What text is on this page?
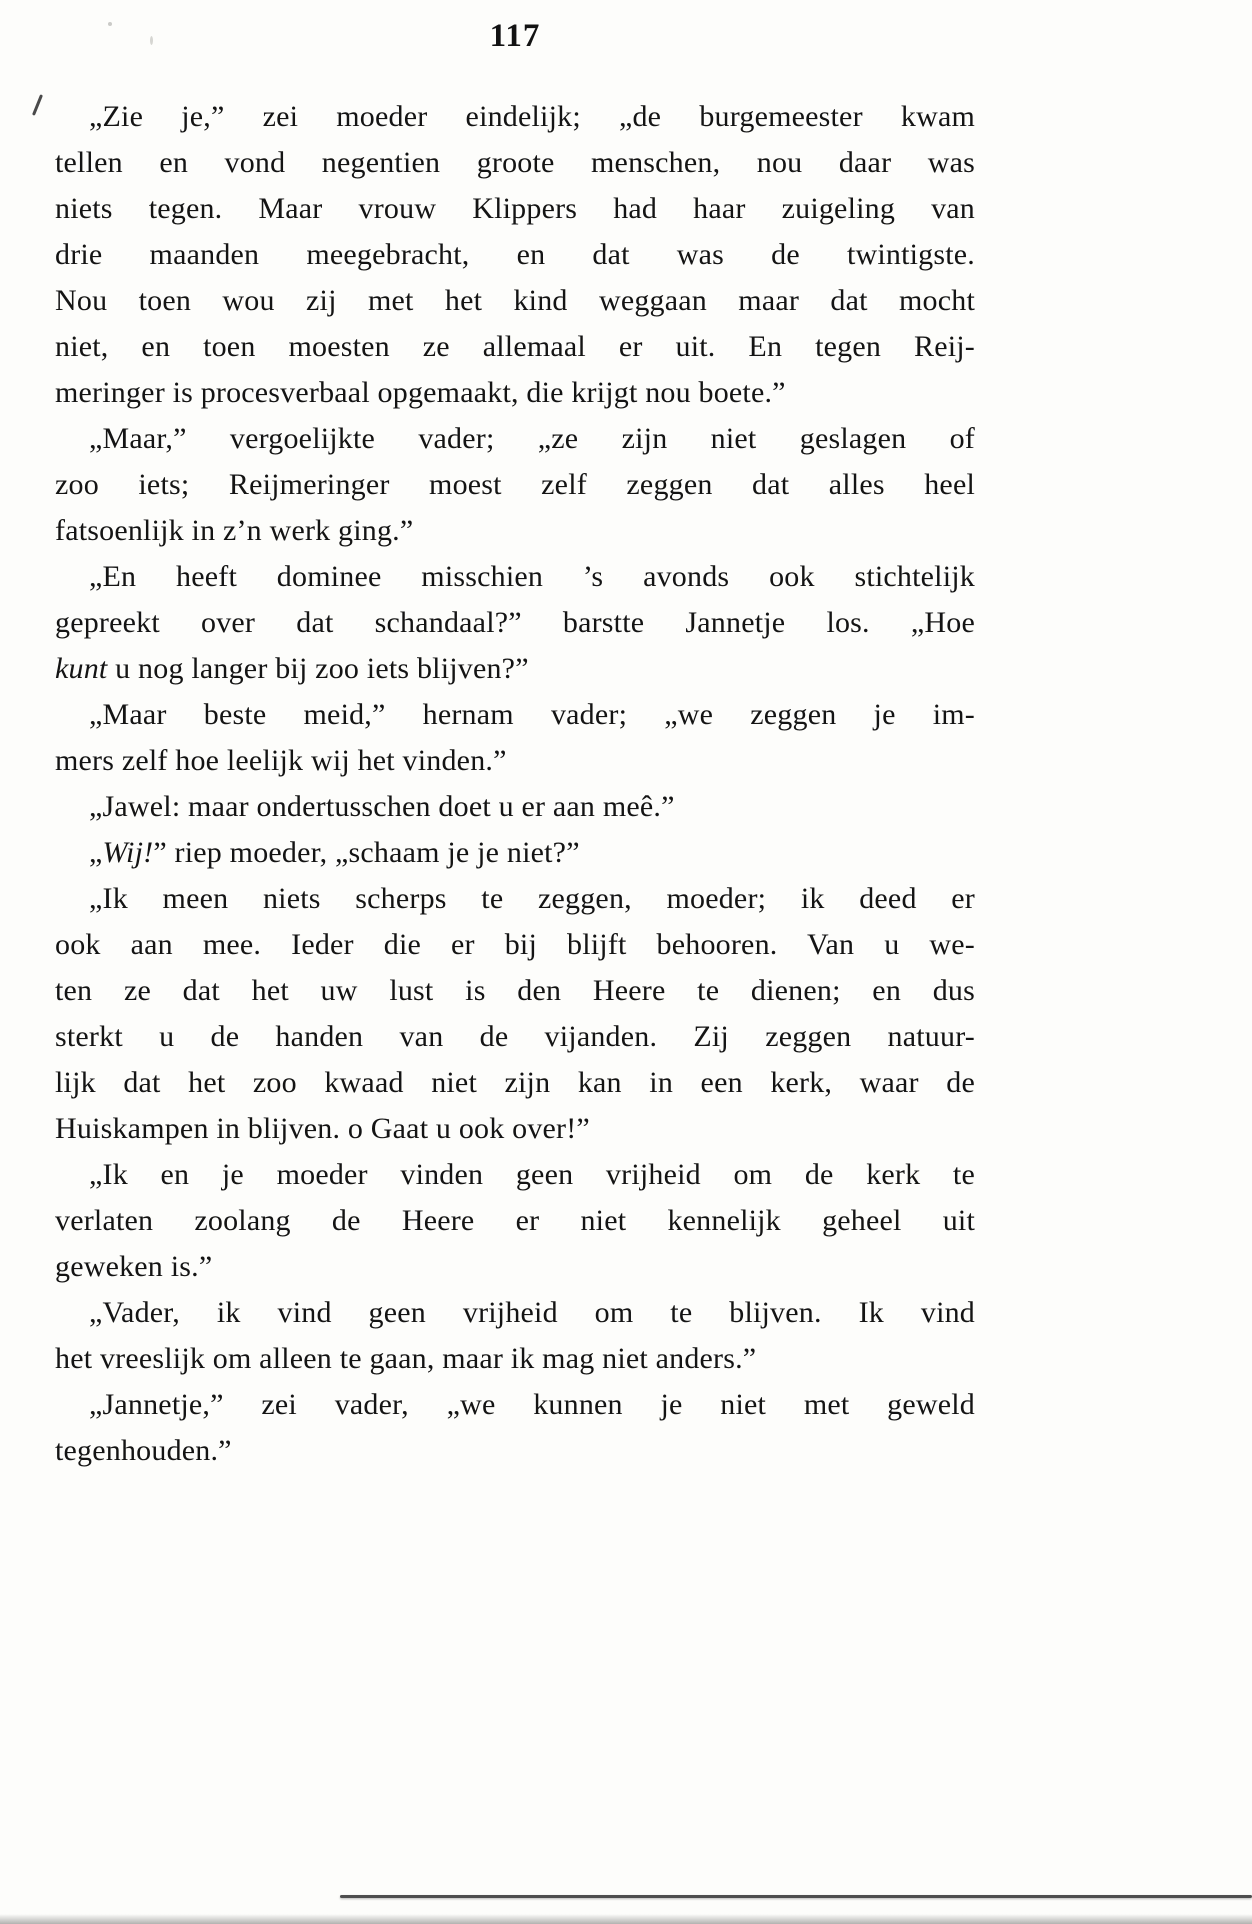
117

„Zie je,” zei moeder eindelijk; „de burgemeester kwam
tellen en vond negentien groote menschen, nou daar was
niets tegen. Maar vrouw Klippers had haar zuigeling van
drie maanden meegebracht, en dat was de twintigste.
Nou toen wou zij met het kind weggaan maar dat mocht
niet, en toen moesten ze allemaal er uit. En tegen Reij-
meringer is procesverbaal opgemaakt, die krijgt nou boete.”

„Maar,” vergoelijkte vader; „ze zijn niet geslagen of
zoo iets; Reijmeringer moest zelf zeggen dat alles heel
fatsoenlijk in z’n werk ging.”

„En heeft dominee misschien ’s avonds ook stichtelijk
gepreekt over dat schandaal?” barstte Jannetje los. „Hoe
kunt u nog langer bij zoo iets blijven?”

„Maar beste meid,” hernam vader; „we zeggen je im-
mers zelf hoe leelijk wij het vinden.”

„Jawel: maar ondertusschen doet u er aan meê.”

„Wij!” riep moeder, „schaam je je niet?”

„Ik meen niets scherps te zeggen, moeder; ik deed er
ook aan mee. Ieder die er bij blijft behooren. Van u we-
ten ze dat het uw lust is den Heere te dienen; en dus
sterkt u de handen van de vijanden. Zij zeggen natuur-
lijk dat het zoo kwaad niet zijn kan in een kerk, waar de
Huiskampen in blijven. o Gaat u ook over!”

„Ik en je moeder vinden geen vrijheid om de kerk te
verlaten zoolang de Heere er niet kennelijk geheel uit
geweken is.”

„Vader, ik vind geen vrijheid om te blijven. Ik vind
het vreeslijk om alleen te gaan, maar ik mag niet anders.”

„Jannetje,” zei vader, „we kunnen je niet met geweld
tegenhouden.”
